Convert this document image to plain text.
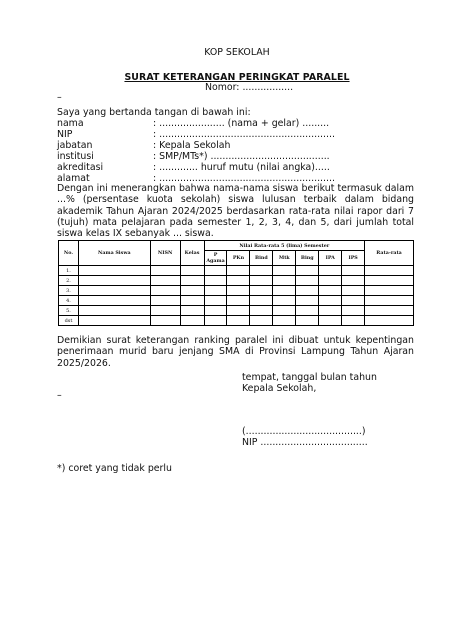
KOP SEKOLAH
SURAT KETERANGAN PERINGKAT PARALEL
Nomor: .................
–
Saya yang bertanda tangan di bawah ini:
nama	: ...................... (nama + gelar) .........
NIP	: ...........................................................
jabatan	: Kepala Sekolah
institusi	: SMP/MTs*) ........................................
akreditasi	: ............. huruf mutu (nilai angka).....
alamat	: ...........................................................
Dengan ini menerangkan bahwa nama-nama siswa berikut termasuk dalam ...% (persentase kuota sekolah) siswa lulusan terbaik dalam bidang akademik Tahun Ajaran 2024/2025 berdasarkan rata-rata nilai rapor dari 7 (tujuh) mata pelajaran pada semester 1, 2, 3, 4, dan 5, dari jumlah total siswa kelas IX sebanyak ... siswa.
No.	Nama Siswa	NISN	Kelas	Nilai Rata-rata 5 (lima) Semester							Rata-rata
				P Agama	PKn	Bind	Mtk	Bing	IPA	IPS	
1.											
2.											
3.											
4.											
5.											
dst											
Demikian surat keterangan ranking paralel ini dibuat untuk kepentingan penerimaan murid baru jenjang SMA di Provinsi Lampung Tahun Ajaran 2025/2026.
tempat, tanggal bulan tahun
Kepala Sekolah,
–
(.......................................)
NIP ....................................
*) coret yang tidak perlu
